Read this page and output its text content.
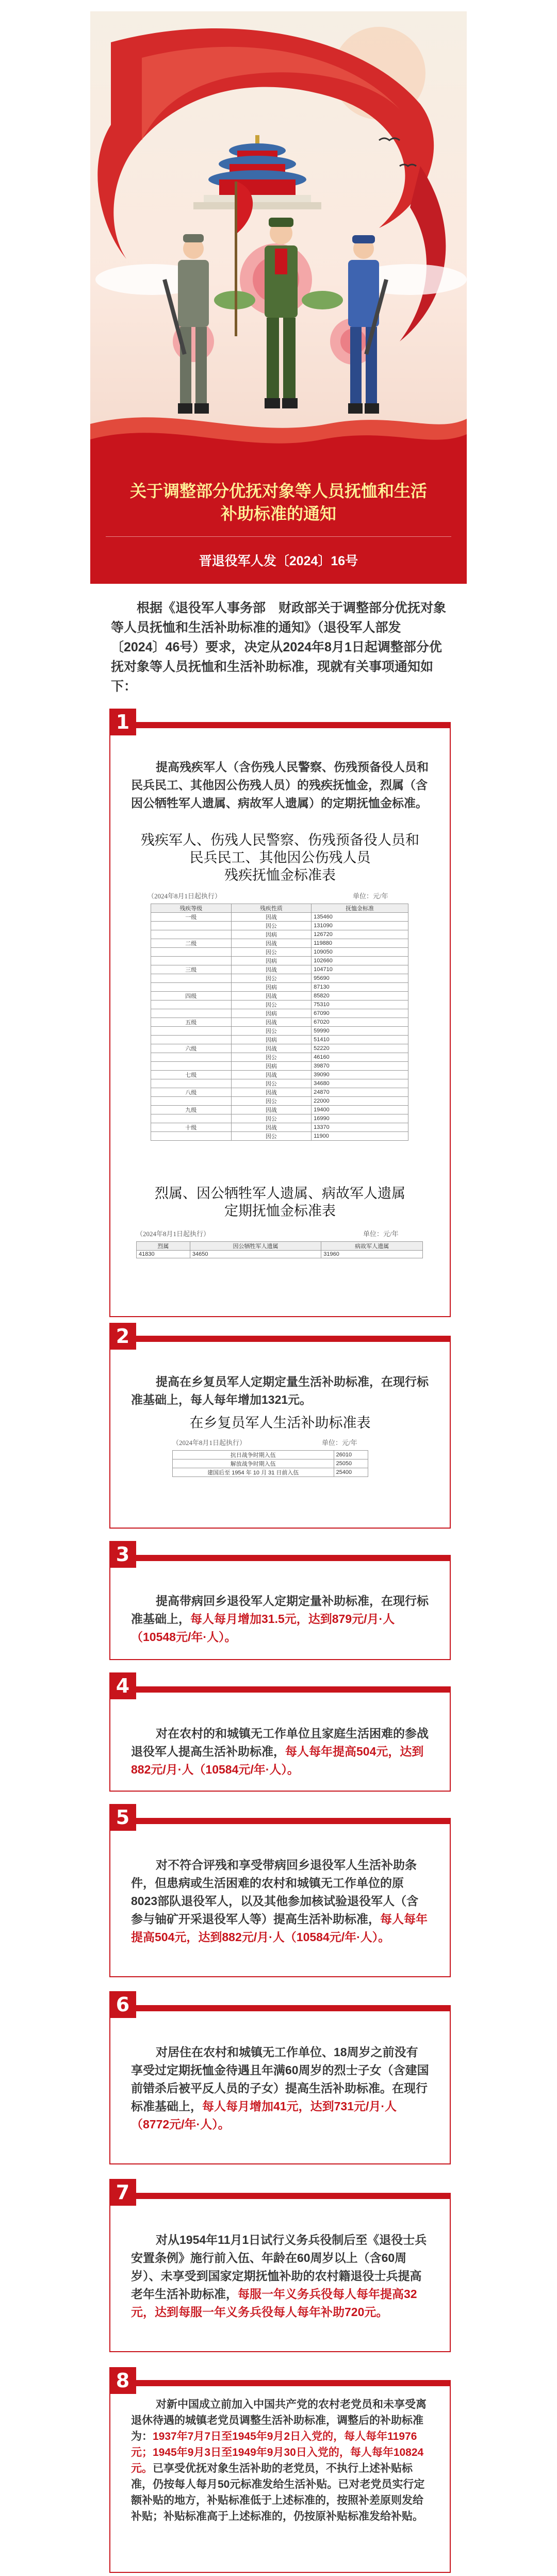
关于调整部分优抚对象等人员抚恤和生活
补助标准的通知
晋退役军人发〔2024〕16号
根据《退役军人事务部　财政部关于调整部分优抚对象等人员抚恤和生活补助标准的通知》（退役军人部发〔2024〕46号）要求，决定从2024年8月1日起调整部分优抚对象等人员抚恤和生活补助标准，现就有关事项通知如下：
提高残疾军人（含伤残人民警察、伤残预备役人员和民兵民工、其他因公伤残人员）的残疾抚恤金，烈属（含因公牺牲军人遗属、病故军人遗属）的定期抚恤金标准。
残疾军人、伤残人民警察、伤残预备役人员和
民兵民工、其他因公伤残人员
残疾抚恤金标准表
（2024年8月1日起执行）	单位：元/年
残疾等级	残疾性质	抚恤金标准
一级	因战	135460
	因公	131090
	因病	126720
二级	因战	119880
	因公	109050
	因病	102660
三级	因战	104710
	因公	95690
	因病	87130
四级	因战	85820
	因公	75310
	因病	67090
五级	因战	67020
	因公	59990
	因病	51410
六级	因战	52220
	因公	46160
	因病	39870
七级	因战	39090
	因公	34680
八级	因战	24870
	因公	22000
九级	因战	19400
	因公	16990
十级	因战	13370
	因公	11900
烈属、因公牺牲军人遗属、病故军人遗属
定期抚恤金标准表
（2024年8月1日起执行）	单位：元/年
烈属	因公牺牲军人遗属	病故军人遗属
41830	34650	31960
1
提高在乡复员军人定期定量生活补助标准，在现行标准基础上，每人每年增加1321元。
在乡复员军人生活补助标准表
（2024年8月1日起执行）	单位：元/年
抗日战争时期入伍	26010
解放战争时期入伍	25050
建国后至 1954 年 10 月 31 日前入伍	25400
2
提高带病回乡退役军人定期定量补助标准，在现行标准基础上，每人每月增加31.5元，达到879元/月·人（10548元/年·人）。
3
对在农村的和城镇无工作单位且家庭生活困难的参战退役军人提高生活补助标准，每人每年提高504元，达到882元/月·人（10584元/年·人）。
4
对不符合评残和享受带病回乡退役军人生活补助条件，但患病或生活困难的农村和城镇无工作单位的原8023部队退役军人，以及其他参加核试验退役军人（含参与铀矿开采退役军人等）提高生活补助标准，每人每年提高504元，达到882元/月·人（10584元/年·人）。
5
对居住在农村和城镇无工作单位、18周岁之前没有享受过定期抚恤金待遇且年满60周岁的烈士子女（含建国前错杀后被平反人员的子女）提高生活补助标准。在现行标准基础上，每人每月增加41元，达到731元/月·人（8772元/年·人）。
6
对从1954年11月1日试行义务兵役制后至《退役士兵安置条例》施行前入伍、年龄在60周岁以上（含60周岁）、未享受到国家定期抚恤补助的农村籍退役士兵提高老年生活补助标准，每服一年义务兵役每人每年提高32元，达到每服一年义务兵役每人每年补助720元。
7
对新中国成立前加入中国共产党的农村老党员和未享受离退休待遇的城镇老党员调整生活补助标准，调整后的补助标准为：1937年7月7日至1945年9月2日入党的，每人每年11976元；1945年9月3日至1949年9月30日入党的，每人每年10824元。已享受优抚对象生活补助的老党员，不执行上述补贴标准，仍按每人每月50元标准发给生活补贴。已对老党员实行定额补贴的地方，补贴标准低于上述标准的，按照补差原则发给补贴；补贴标准高于上述标准的，仍按原补贴标准发给补贴。
8
